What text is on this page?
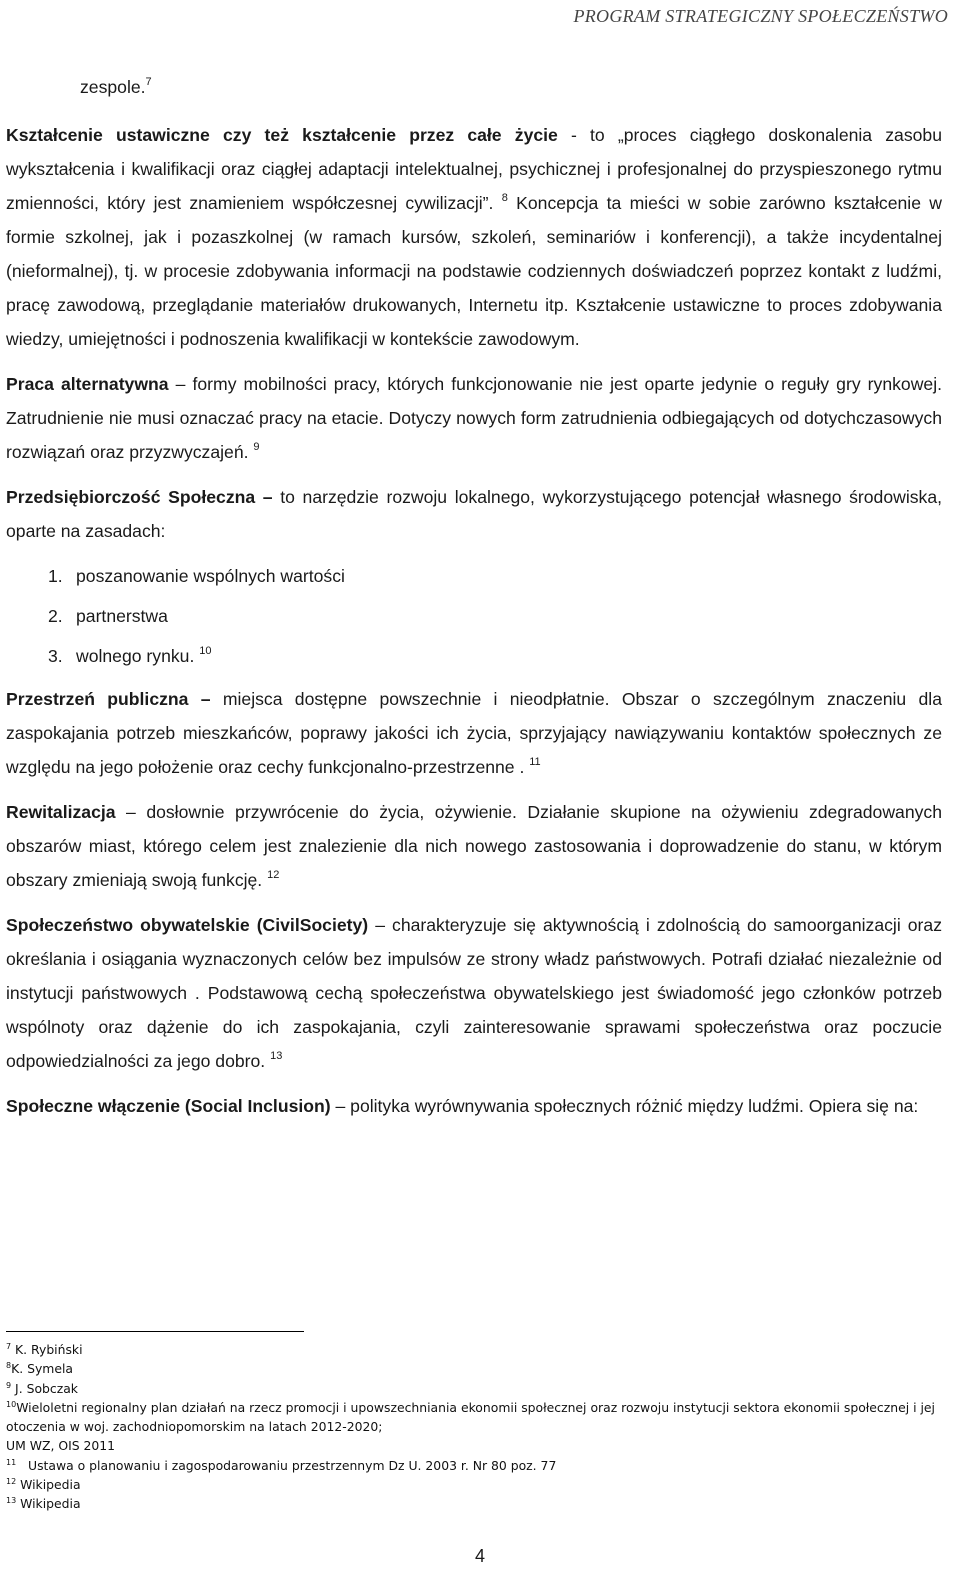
PROGRAM STRATEGICZNY SPOŁECZEŃSTWO

zespole.$^7$

Kształcenie ustawiczne czy też kształcenie przez całe życie - to „proces ciągłego doskonalenia zasobu wykształcenia i kwalifikacji oraz ciągłej adaptacji intelektualnej, psychicznej i profesjonalnej do przyspieszonego rytmu zmienności, który jest znamieniem współczesnej cywilizacji”. $^8$ Koncepcja ta mieści w sobie zarówno kształcenie w formie szkolnej, jak i pozaszkolnej (w ramach kursów, szkoleń, seminariów i konferencji), a także incydentalnej (nieformalnej), tj. w procesie zdobywania informacji na podstawie codziennych doświadczeń poprzez kontakt z ludźmi, pracę zawodową, przeglądanie materiałów drukowanych, Internetu itp. Kształcenie ustawiczne to proces zdobywania wiedzy, umiejętności i podnoszenia kwalifikacji w kontekście zawodowym.

Praca alternatywna – formy mobilności pracy, których funkcjonowanie nie jest oparte jedynie o reguły gry rynkowej. Zatrudnienie nie musi oznaczać pracy na etacie. Dotyczy nowych form zatrudnienia odbiegających od dotychczasowych rozwiązań oraz przyzwyczajeń. $^9$

Przedsiębiorczość Społeczna – to narzędzie rozwoju lokalnego, wykorzystującego potencjał własnego środowiska, oparte na zasadach:

1. poszanowanie wspólnych wartości
2. partnerstwa
3. wolnego rynku. $^{10}$

Przestrzeń publiczna – miejsca dostępne powszechnie i nieodpłatnie. Obszar o szczególnym znaczeniu dla zaspokajania potrzeb mieszkańców, poprawy jakości ich życia, sprzyjający nawiązywaniu kontaktów społecznych ze względu na jego położenie oraz cechy funkcjonalno-przestrzenne . $^{11}$

Rewitalizacja – dosłownie przywrócenie do życia, ożywienie. Działanie skupione na ożywieniu zdegradowanych obszarów miast, którego celem jest znalezienie dla nich nowego zastosowania i doprowadzenie do stanu, w którym obszary zmieniają swoją funkcję. $^{12}$

Społeczeństwo obywatelskie (CivilSociety) – charakteryzuje się aktywnością i zdolnością do samoorganizacji oraz określania i osiągania wyznaczonych celów bez impulsów ze strony władz państwowych. Potrafi działać niezależnie od instytucji państwowych . Podstawową cechą społeczeństwa obywatelskiego jest świadomość jego członków potrzeb wspólnoty oraz dążenie do ich zaspokajania, czyli zainteresowanie sprawami społeczeństwa oraz poczucie odpowiedzialności za jego dobro. $^{13}$

Społeczne włączenie (Social Inclusion) – polityka wyrównywania społecznych różnić między ludźmi. Opiera się na:

$^7$ K. Rybiński
$^8$K. Symela
$^9$ J. Sobczak
$^{10}$Wieloletni regionalny plan działań na rzecz promocji i upowszechniania ekonomii społecznej oraz rozwoju instytucji sektora ekonomii społecznej i jej otoczenia w woj. zachodniopomorskim na latach 2012-2020;
UM WZ, OIS 2011
$^{11}$ Ustawa o planowaniu i zagospodarowaniu przestrzennym Dz U. 2003 r. Nr 80 poz. 77
$^{12}$ Wikipedia
$^{13}$ Wikipedia
4
